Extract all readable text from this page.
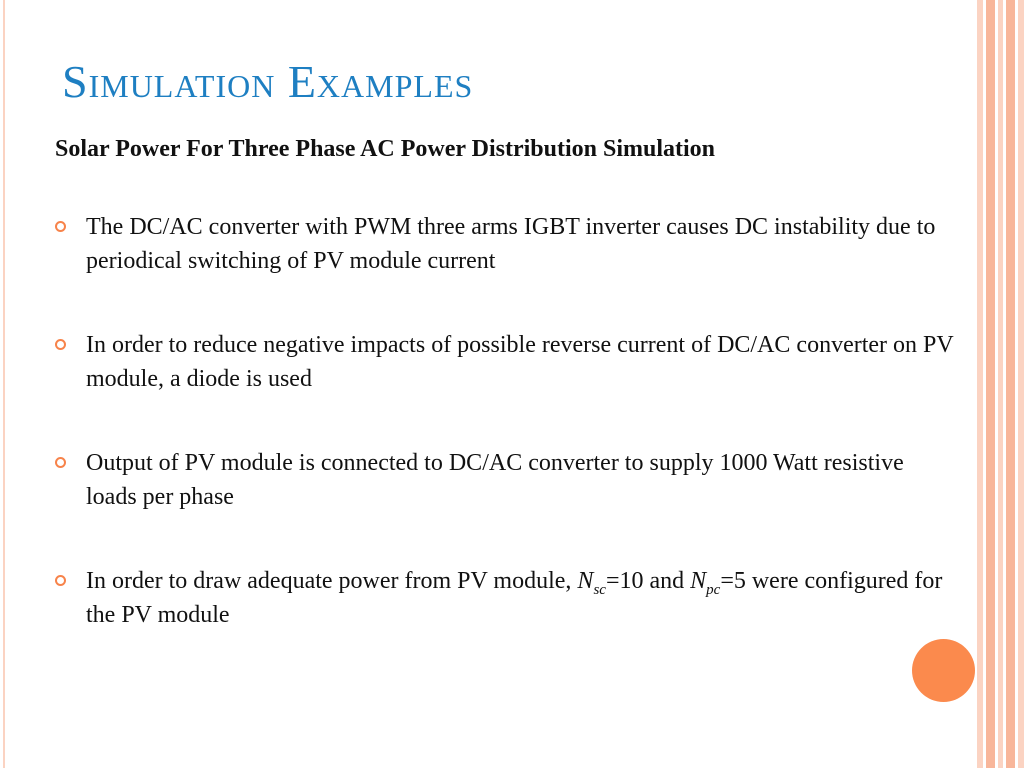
Simulation Examples
Solar Power For Three Phase AC Power Distribution Simulation
The DC/AC converter with PWM three arms IGBT inverter causes DC instability due to periodical switching of PV module current
In order to reduce negative impacts of possible reverse current of DC/AC converter on PV module, a diode is used
Output of PV module is connected to DC/AC converter to supply 1000 Watt resistive loads per phase
In order to draw adequate power from PV module, $N_{sc}=10$ and $N_{pc}=5$ were configured for the PV module
